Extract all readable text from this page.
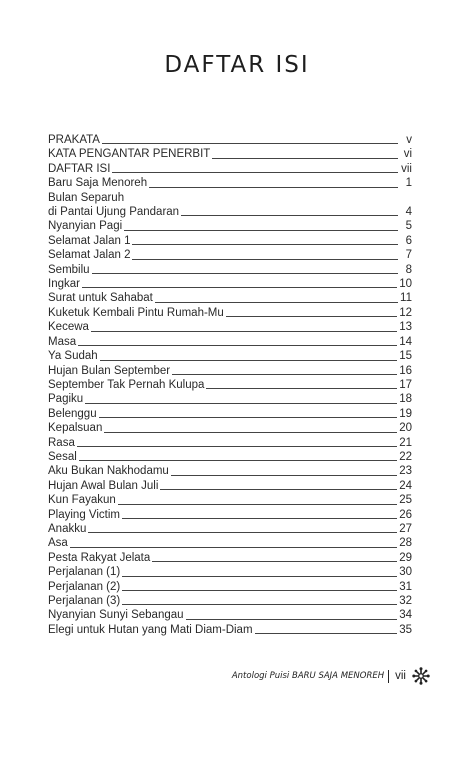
DAFTAR ISI
PRAKATA	v
KATA PENGANTAR PENERBIT	vi
DAFTAR ISI	vii
Baru Saja Menoreh	1
Bulan Separuh
di Pantai Ujung Pandaran	4
Nyanyian Pagi	5
Selamat Jalan 1	6
Selamat Jalan 2	7
Sembilu	8
Ingkar	10
Surat untuk Sahabat	11
Kuketuk Kembali Pintu Rumah-Mu	12
Kecewa	13
Masa	14
Ya Sudah	15
Hujan Bulan September	16
September Tak Pernah Kulupa	17
Pagiku	18
Belenggu	19
Kepalsuan	20
Rasa	21
Sesal	22
Aku Bukan Nakhodamu	23
Hujan Awal Bulan Juli	24
Kun Fayakun	25
Playing Victim	26
Anakku	27
Asa	28
Pesta Rakyat Jelata	29
Perjalanan (1)	30
Perjalanan (2)	31
Perjalanan (3)	32
Nyanyian Sunyi Sebangau	34
Elegi untuk Hutan yang Mati Diam-Diam	35
Antologi Puisi BARU SAJA MENOREH vii
